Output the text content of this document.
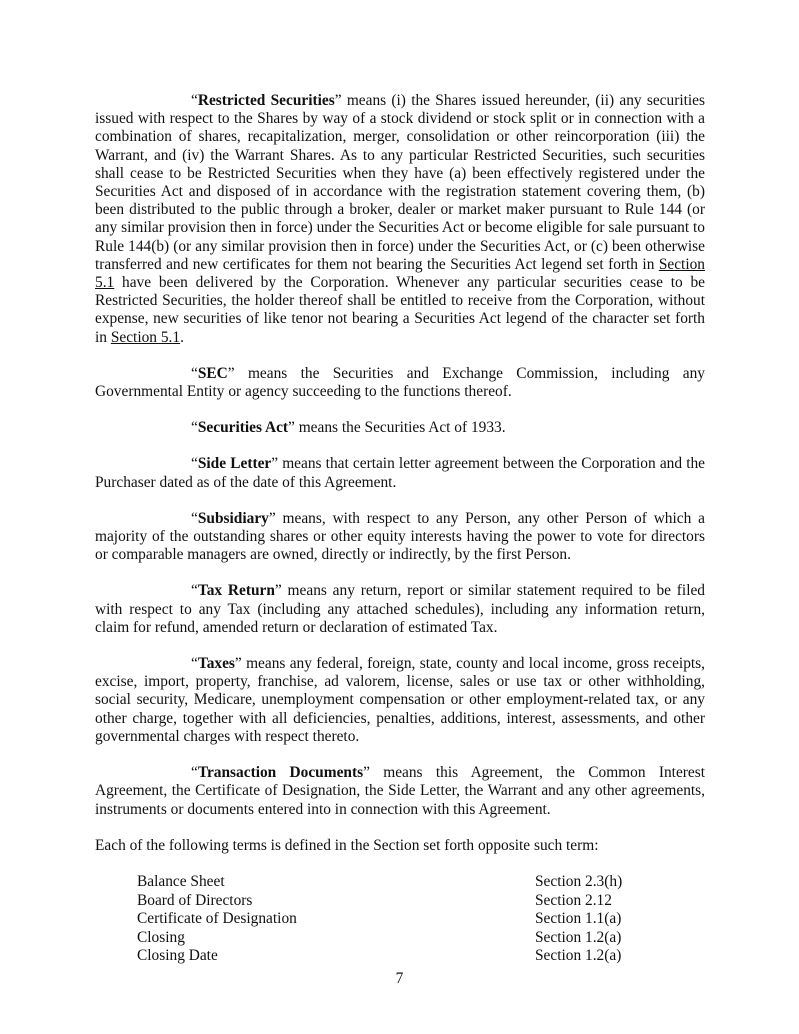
“Restricted Securities” means (i) the Shares issued hereunder, (ii) any securities issued with respect to the Shares by way of a stock dividend or stock split or in connection with a combination of shares, recapitalization, merger, consolidation or other reincorporation (iii) the Warrant, and (iv) the Warrant Shares. As to any particular Restricted Securities, such securities shall cease to be Restricted Securities when they have (a) been effectively registered under the Securities Act and disposed of in accordance with the registration statement covering them, (b) been distributed to the public through a broker, dealer or market maker pursuant to Rule 144 (or any similar provision then in force) under the Securities Act or become eligible for sale pursuant to Rule 144(b) (or any similar provision then in force) under the Securities Act, or (c) been otherwise transferred and new certificates for them not bearing the Securities Act legend set forth in Section 5.1 have been delivered by the Corporation. Whenever any particular securities cease to be Restricted Securities, the holder thereof shall be entitled to receive from the Corporation, without expense, new securities of like tenor not bearing a Securities Act legend of the character set forth in Section 5.1.

“SEC” means the Securities and Exchange Commission, including any Governmental Entity or agency succeeding to the functions thereof.

“Securities Act” means the Securities Act of 1933.

“Side Letter” means that certain letter agreement between the Corporation and the Purchaser dated as of the date of this Agreement.

“Subsidiary” means, with respect to any Person, any other Person of which a majority of the outstanding shares or other equity interests having the power to vote for directors or comparable managers are owned, directly or indirectly, by the first Person.

“Tax Return” means any return, report or similar statement required to be filed with respect to any Tax (including any attached schedules), including any information return, claim for refund, amended return or declaration of estimated Tax.

“Taxes” means any federal, foreign, state, county and local income, gross receipts, excise, import, property, franchise, ad valorem, license, sales or use tax or other withholding, social security, Medicare, unemployment compensation or other employment-related tax, or any other charge, together with all deficiencies, penalties, additions, interest, assessments, and other governmental charges with respect thereto.

“Transaction Documents” means this Agreement, the Common Interest Agreement, the Certificate of Designation, the Side Letter, the Warrant and any other agreements, instruments or documents entered into in connection with this Agreement.

Each of the following terms is defined in the Section set forth opposite such term:

Balance Sheet	Section 2.3(h)
Board of Directors	Section 2.12
Certificate of Designation	Section 1.1(a)
Closing	Section 1.2(a)
Closing Date	Section 1.2(a)
7
